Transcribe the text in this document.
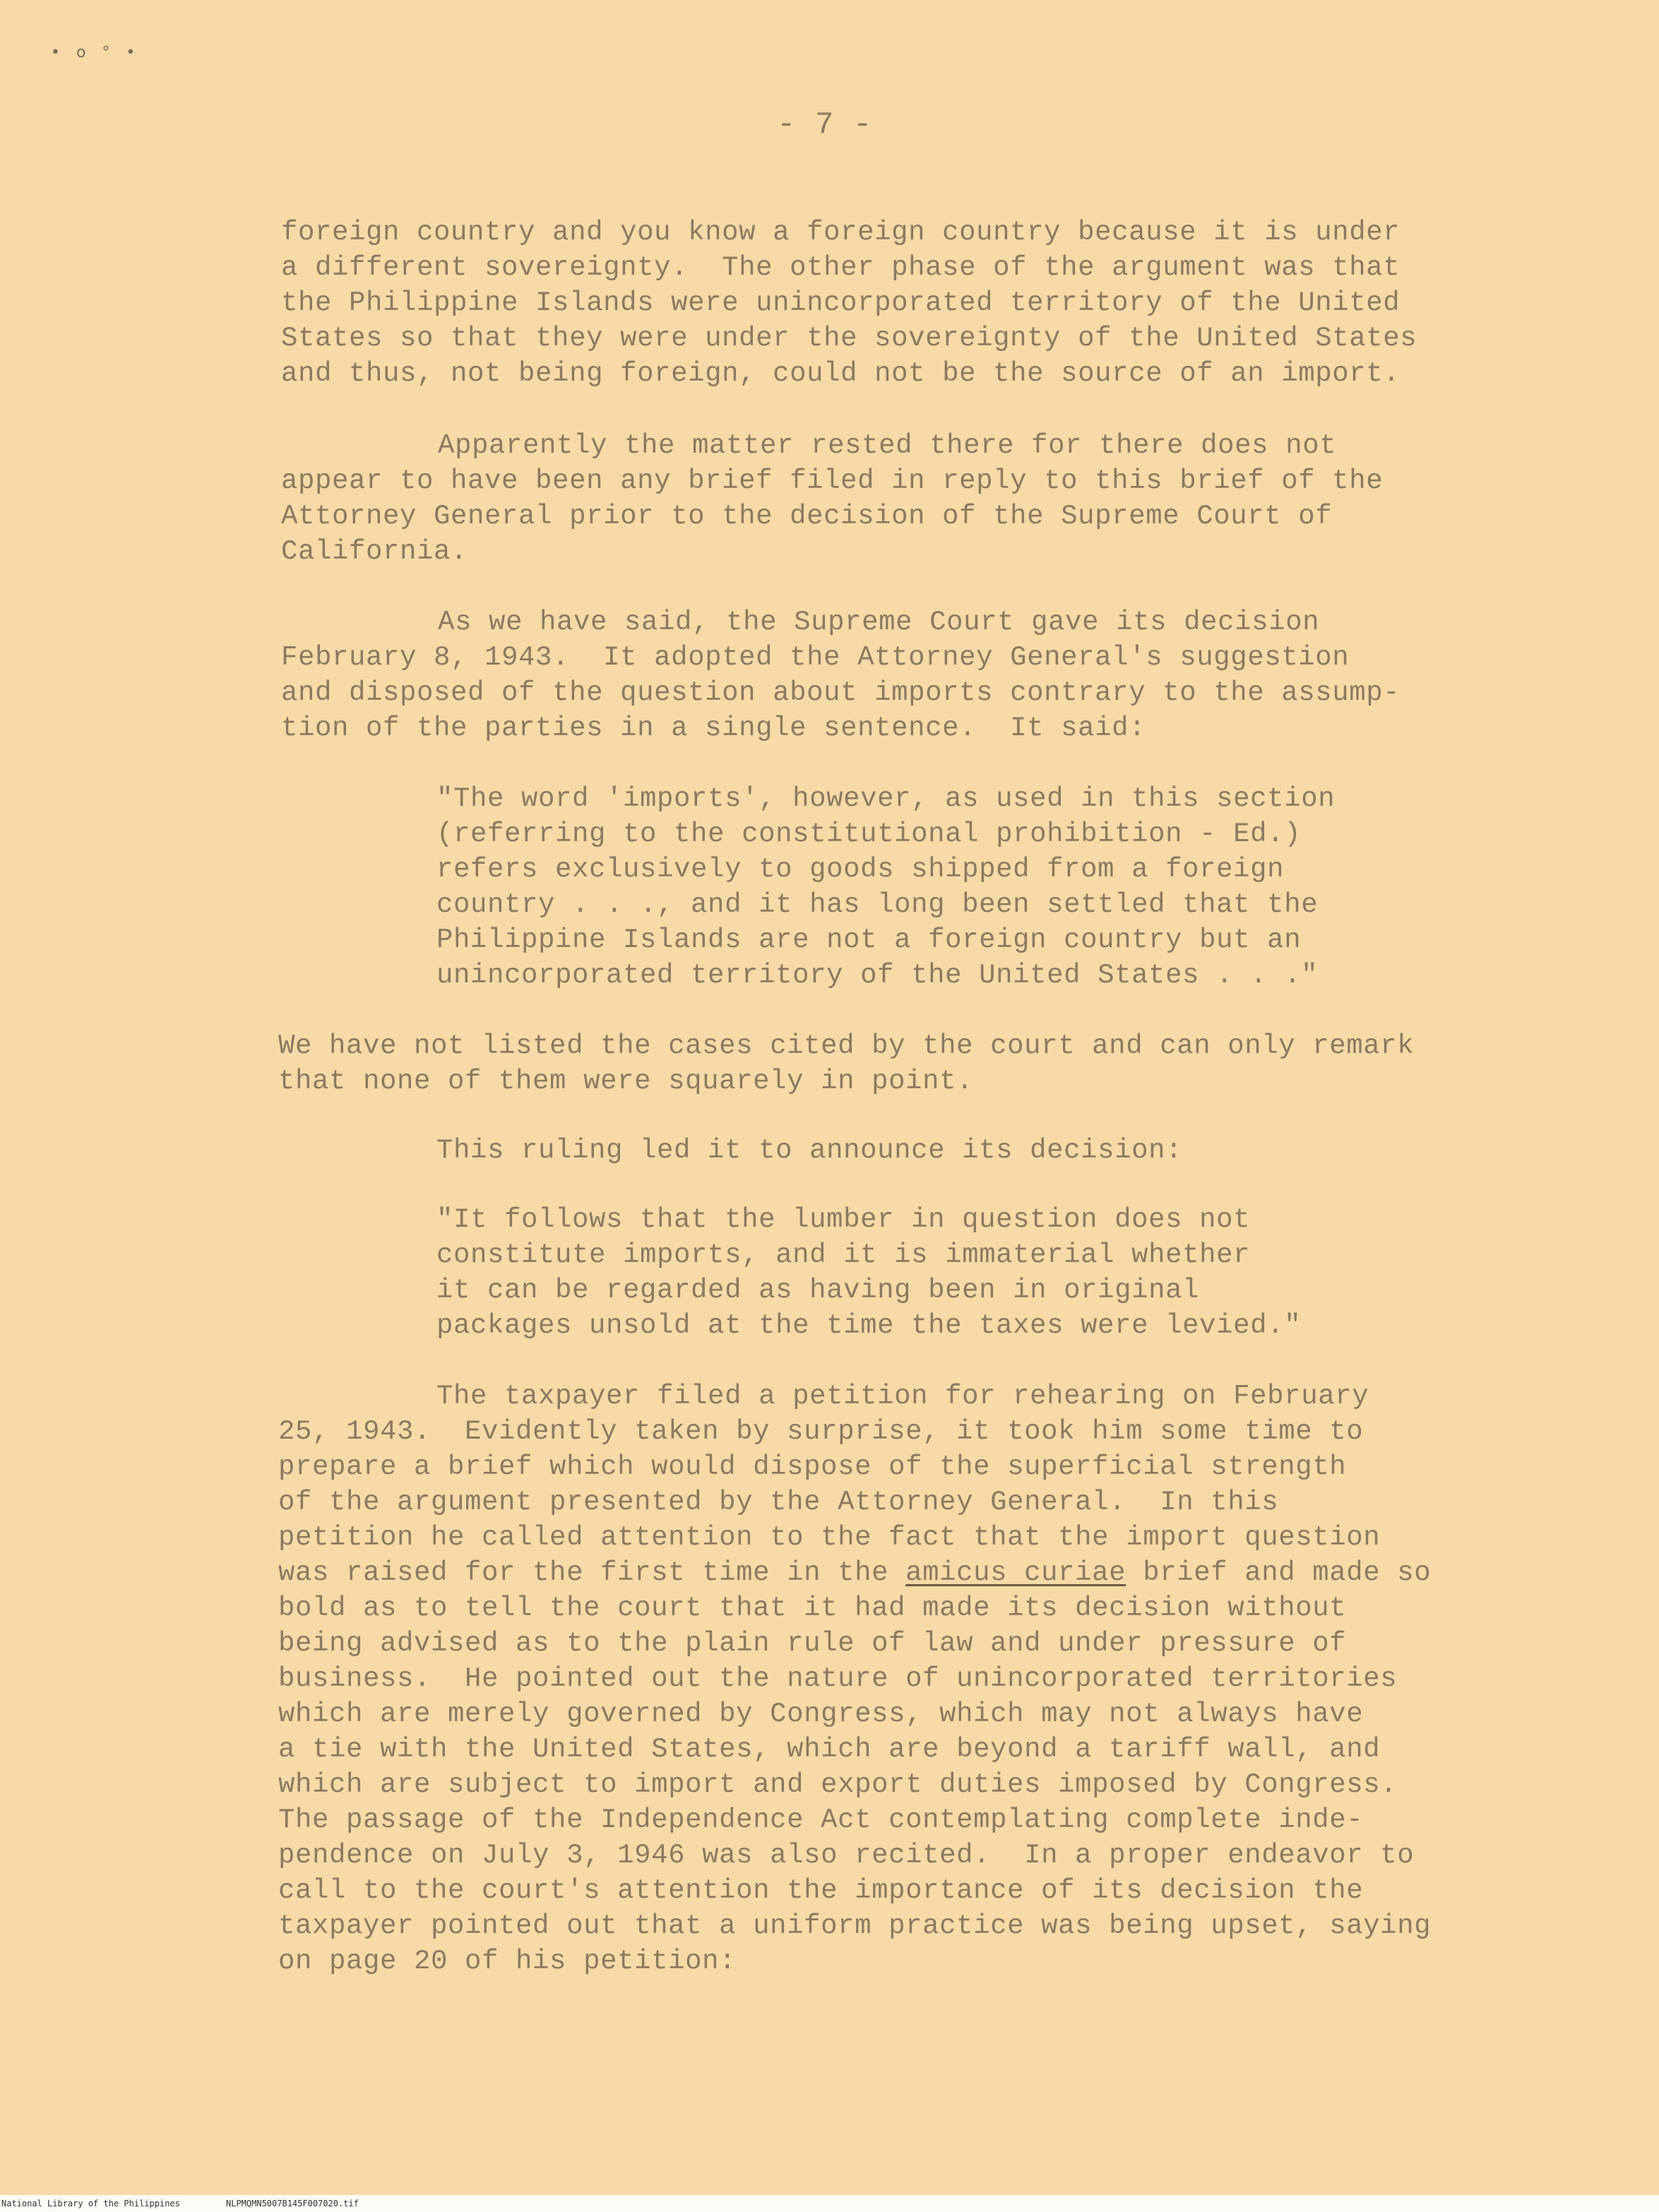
• o ° •
- 7 -
foreign country and you know a foreign country because it is under
a different sovereignty.  The other phase of the argument was that
the Philippine Islands were unincorporated territory of the United
States so that they were under the sovereignty of the United States
and thus, not being foreign, could not be the source of an import.
Apparently the matter rested there for there does not
appear to have been any brief filed in reply to this brief of the
Attorney General prior to the decision of the Supreme Court of
California.
As we have said, the Supreme Court gave its decision
February 8, 1943.  It adopted the Attorney General's suggestion
and disposed of the question about imports contrary to the assump-
tion of the parties in a single sentence.  It said:
"The word 'imports', however, as used in this section
(referring to the constitutional prohibition - Ed.)
refers exclusively to goods shipped from a foreign
country . . ., and it has long been settled that the
Philippine Islands are not a foreign country but an
unincorporated territory of the United States . . ."
We have not listed the cases cited by the court and can only remark
that none of them were squarely in point.
This ruling led it to announce its decision:
"It follows that the lumber in question does not
constitute imports, and it is immaterial whether
it can be regarded as having been in original
packages unsold at the time the taxes were levied."
The taxpayer filed a petition for rehearing on February
25, 1943.  Evidently taken by surprise, it took him some time to
prepare a brief which would dispose of the superficial strength
of the argument presented by the Attorney General.  In this
petition he called attention to the fact that the import question
was raised for the first time in the amicus curiae brief and made so
bold as to tell the court that it had made its decision without
being advised as to the plain rule of law and under pressure of
business.  He pointed out the nature of unincorporated territories
which are merely governed by Congress, which may not always have
a tie with the United States, which are beyond a tariff wall, and
which are subject to import and export duties imposed by Congress.
The passage of the Independence Act contemplating complete inde-
pendence on July 3, 1946 was also recited.  In a proper endeavor to
call to the court's attention the importance of its decision the
taxpayer pointed out that a uniform practice was being upset, saying
on page 20 of his petition:
National Library of the Philippines	NLPMQMN5007B145F007020.tif
